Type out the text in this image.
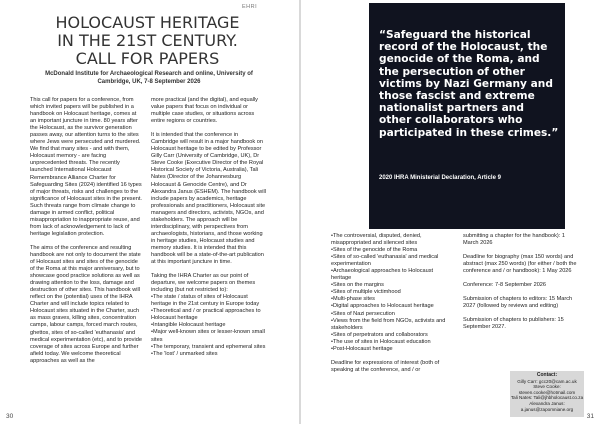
EHRI
HOLOCAUST HERITAGE
IN THE 21ST CENTURY.
CALL FOR PAPERS

McDonald Institute for Archaeological Research and online, University of Cambridge, UK, 7-8 September 2026

This call for papers for a conference, from which invited papers will be published in a handbook on Holocaust heritage, comes at an important juncture in time. 80 years after the Holocaust, as the survivor generation passes away, our attention turns to the sites where Jews were persecuted and murdered. We find that many sites - and with them, Holocaust memory - are facing unprecedented threats. The recently launched International Holocaust Remembrance Alliance Charter for Safeguarding Sites (2024) identified 16 types of major threats, risks and challenges to the significance of Holocaust sites in the present. Such threats range from climate change to damage in armed conflict, political misappropriation to inappropriate reuse, and from lack of acknowledgement to lack of heritage legislation protection.

The aims of the conference and resulting handbook are not only to document the state of Holocaust sites and sites of the genocide of the Roma at this major anniversary, but to showcase good practice solutions as well as drawing attention to the loss, damage and destruction of other sites. This handbook will reflect on the (potential) uses of the IHRA Charter and will include topics related to Holocaust sites situated in the Charter, such as mass graves, killing sites, concentration camps, labour camps, forced march routes, ghettos, sites of so-called 'euthanasia' and medical experimentation (etc), and to provide coverage of sites across Europe and further afield today. We welcome theoretical approaches as well as the

more practical (and the digital), and equally value papers that focus on individual or multiple case studies, or situations across entire regions or countries.

It is intended that the conference in Cambridge will result in a major handbook on Holocaust heritage to be edited by Professor Gilly Carr (University of Cambridge, UK), Dr Steve Cooke (Executive Director of the Royal Historical Society of Victoria, Australia), Tali Nates (Director of the Johannesburg Holocaust & Genocide Centre), and Dr Alexandra Janus (ESHEM). The handbook will include papers by academics, heritage professionals and practitioners, Holocaust site managers and directors, activists, NGOs, and stakeholders. The approach will be interdisciplinary, with perspectives from archaeologists, historians, and those working in heritage studies, Holocaust studies and memory studies. It is intended that this handbook will be a state-of-the-art publication at this important juncture in time.

Taking the IHRA Charter as our point of departure, we welcome papers on themes including (but not restricted to):

• The state / status of sites of Holocaust heritage in the 21st century in Europe today
• Theoretical and / or practical approaches to Holocaust heritage
• Intangible Holocaust heritage
• Major well-known sites or lesser-known small sites
• The temporary, transient and ephemeral sites
• The 'lost' / unmarked sites
30

“Safeguard the historical record of the Holocaust, the genocide of the Roma, and the persecution of other victims by Nazi Germany and those fascist and extreme nationalist partners and other collaborators who participated in these crimes.”

2020 IHRA Ministerial Declaration, Article 9
• The controversial, disputed, denied, misappropriated and silenced sites
• Sites of the genocide of the Roma
• Sites of so-called 'euthanasia' and medical experimentation
• Archaeological approaches to Holocaust heritage
• Sites on the margins
• Sites of multiple victimhood
• Multi-phase sites
• Digital approaches to Holocaust heritage
• Sites of Nazi persecution
• Views from the field from NGOs, activists and stakeholders
• Sites of perpetrators and collaborators
• The use of sites in Holocaust education
• Post-Holocaust heritage

Deadline for expressions of interest (both of speaking at the conference, and / or

submitting a chapter for the handbook): 1 March 2026

Deadline for biography (max 150 words) and abstract (max 250 words) (for either / both the conference and / or handbook): 1 May 2026

Conference: 7-8 September 2026

Submission of chapters to editors: 15 March 2027 (followed by reviews and editing)

Submission of chapters to publishers: 15 September 2027.

Contact:
Gilly Carr: gcc20@cam.ac.uk
Steve Cooke: steven.cooke@hotmail.com
Tali Nates: Tali@jhbholocaust.co.za
Alexandra Janus: a.janus@zapomniane.org
31
